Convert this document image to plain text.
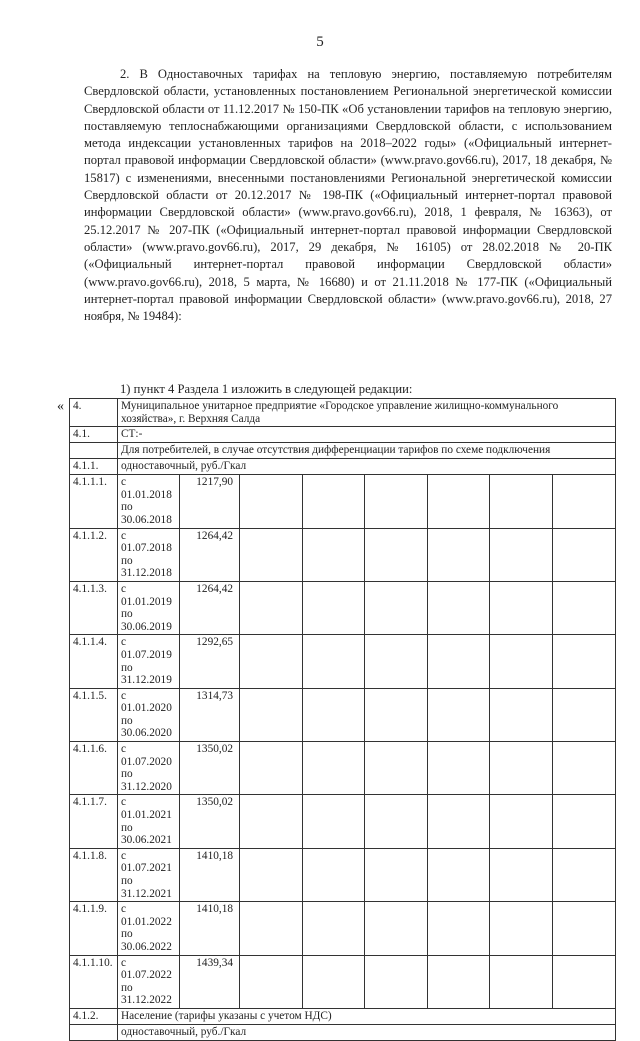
5
2. В Одноставочных тарифах на тепловую энергию, поставляемую потребителям Свердловской области, установленных постановлением Региональной энергетической комиссии Свердловской области от 11.12.2017 № 150-ПК «Об установлении тарифов на тепловую энергию, поставляемую теплоснабжающими организациями Свердловской области, с использованием метода индексации установленных тарифов на 2018–2022 годы» («Официальный интернет-портал правовой информации Свердловской области» (www.pravo.gov66.ru), 2017, 18 декабря, № 15817) с изменениями, внесенными постановлениями Региональной энергетической комиссии Свердловской области от 20.12.2017 № 198-ПК («Официальный интернет-портал правовой информации Свердловской области» (www.pravo.gov66.ru), 2018, 1 февраля, № 16363), от 25.12.2017 № 207-ПК («Официальный интернет-портал правовой информации Свердловской области» (www.pravo.gov66.ru), 2017, 29 декабря, № 16105) от 28.02.2018 № 20-ПК («Официальный интернет-портал правовой информации Свердловской области» (www.pravo.gov66.ru), 2018, 5 марта, № 16680) и от 21.11.2018 № 177-ПК («Официальный интернет-портал правовой информации Свердловской области» (www.pravo.gov66.ru), 2018, 27 ноября, № 19484):
1) пункт 4 Раздела 1 изложить в следующей редакции:
« 4.	Муниципальное унитарное предприятие «Городское управление жилищно-коммунального хозяйства», г. Верхняя Салда							
4.1.	СТ:-							
	Для потребителей, в случае отсутствия дифференциации тарифов по схеме подключения							
4.1.1.	одноставочный, руб./Гкал							
4.1.1.1.	с 01.01.2018 по 30.06.2018	1217,90						
4.1.1.2.	с 01.07.2018 по 31.12.2018	1264,42						
4.1.1.3.	с 01.01.2019 по 30.06.2019	1264,42						
4.1.1.4.	с 01.07.2019 по 31.12.2019	1292,65						
4.1.1.5.	с 01.01.2020 по 30.06.2020	1314,73						
4.1.1.6.	с 01.07.2020 по 31.12.2020	1350,02						
4.1.1.7.	с 01.01.2021 по 30.06.2021	1350,02						
4.1.1.8.	с 01.07.2021 по 31.12.2021	1410,18						
4.1.1.9.	с 01.01.2022 по 30.06.2022	1410,18						
4.1.1.10.	с 01.07.2022 по 31.12.2022	1439,34						
4.1.2.	Население (тарифы указаны с учетом НДС)							
	одноставочный, руб./Гкал							
